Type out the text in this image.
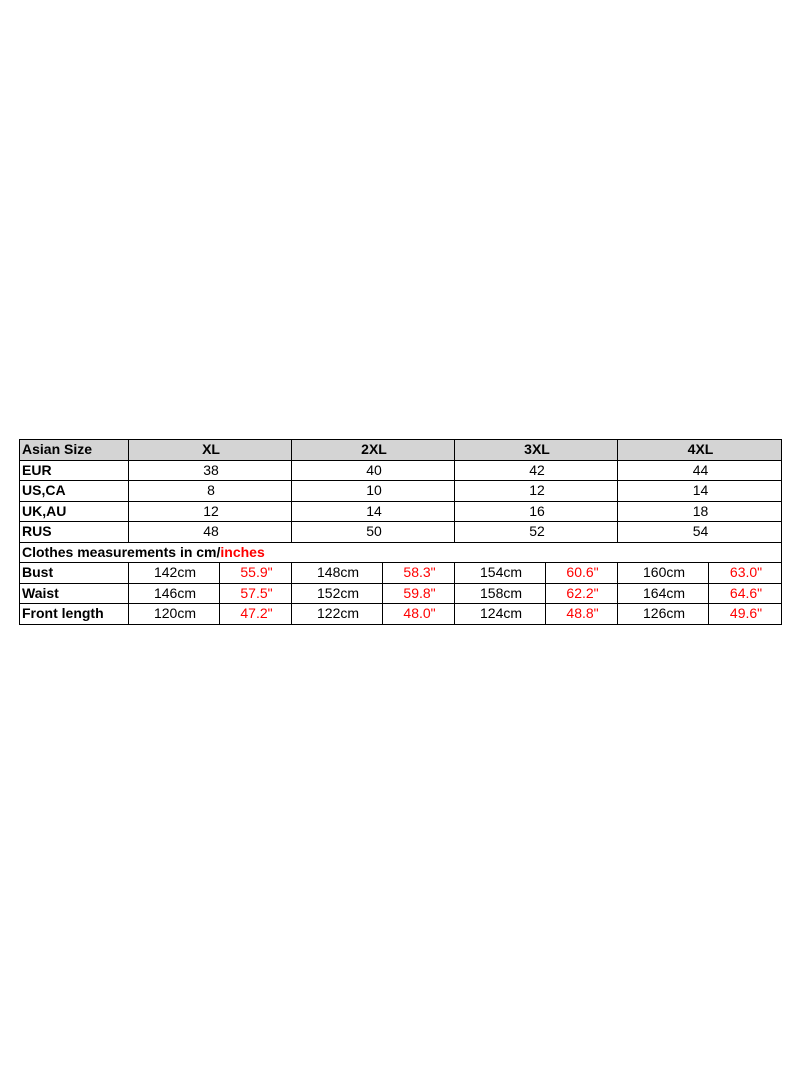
Asian Size	XL		2XL		3XL		4XL	
EUR	38		40		42		44	
US,CA	8		10		12		14	
UK,AU	12		14		16		18	
RUS	48		50		52		54	
Clothes measurements in cm/inches								
Bust	142cm	55.9"	148cm	58.3"	154cm	60.6"	160cm	63.0"
Waist	146cm	57.5"	152cm	59.8"	158cm	62.2"	164cm	64.6"
Front length	120cm	47.2"	122cm	48.0"	124cm	48.8"	126cm	49.6"
